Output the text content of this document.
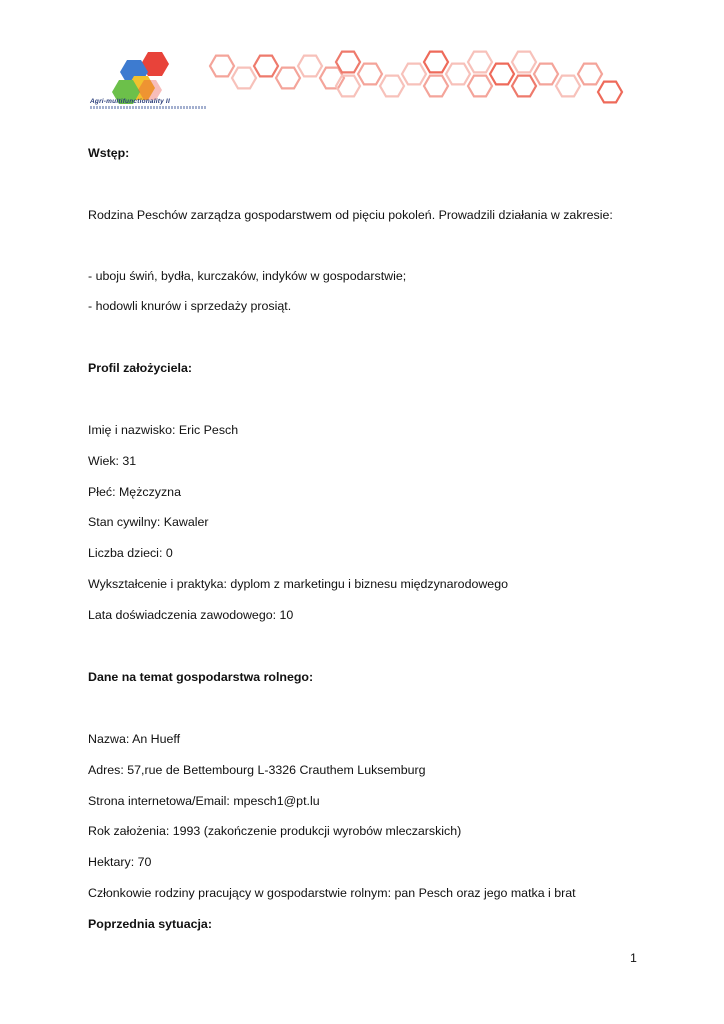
Agri-multifunctionality II
Wstęp:
Rodzina Peschów zarządza gospodarstwem od pięciu pokoleń. Prowadzili działania w zakresie:
- uboju świń, bydła, kurczaków, indyków w gospodarstwie;
- hodowli knurów i sprzedaży prosiąt.
Profil założyciela:
Imię i nazwisko: Eric Pesch
Wiek: 31
Płeć: Mężczyzna
Stan cywilny: Kawaler
Liczba dzieci: 0
Wykształcenie i praktyka: dyplom z marketingu i biznesu międzynarodowego
Lata doświadczenia zawodowego: 10
Dane na temat gospodarstwa rolnego:
Nazwa: An Hueff
Adres: 57,rue de Bettembourg L-3326 Crauthem Luksemburg
Strona internetowa/Email: mpesch1@pt.lu
Rok założenia: 1993 (zakończenie produkcji wyrobów mleczarskich)
Hektary: 70
Członkowie rodziny pracujący w gospodarstwie rolnym: pan Pesch oraz jego matka i brat
Poprzednia sytuacja:
1
